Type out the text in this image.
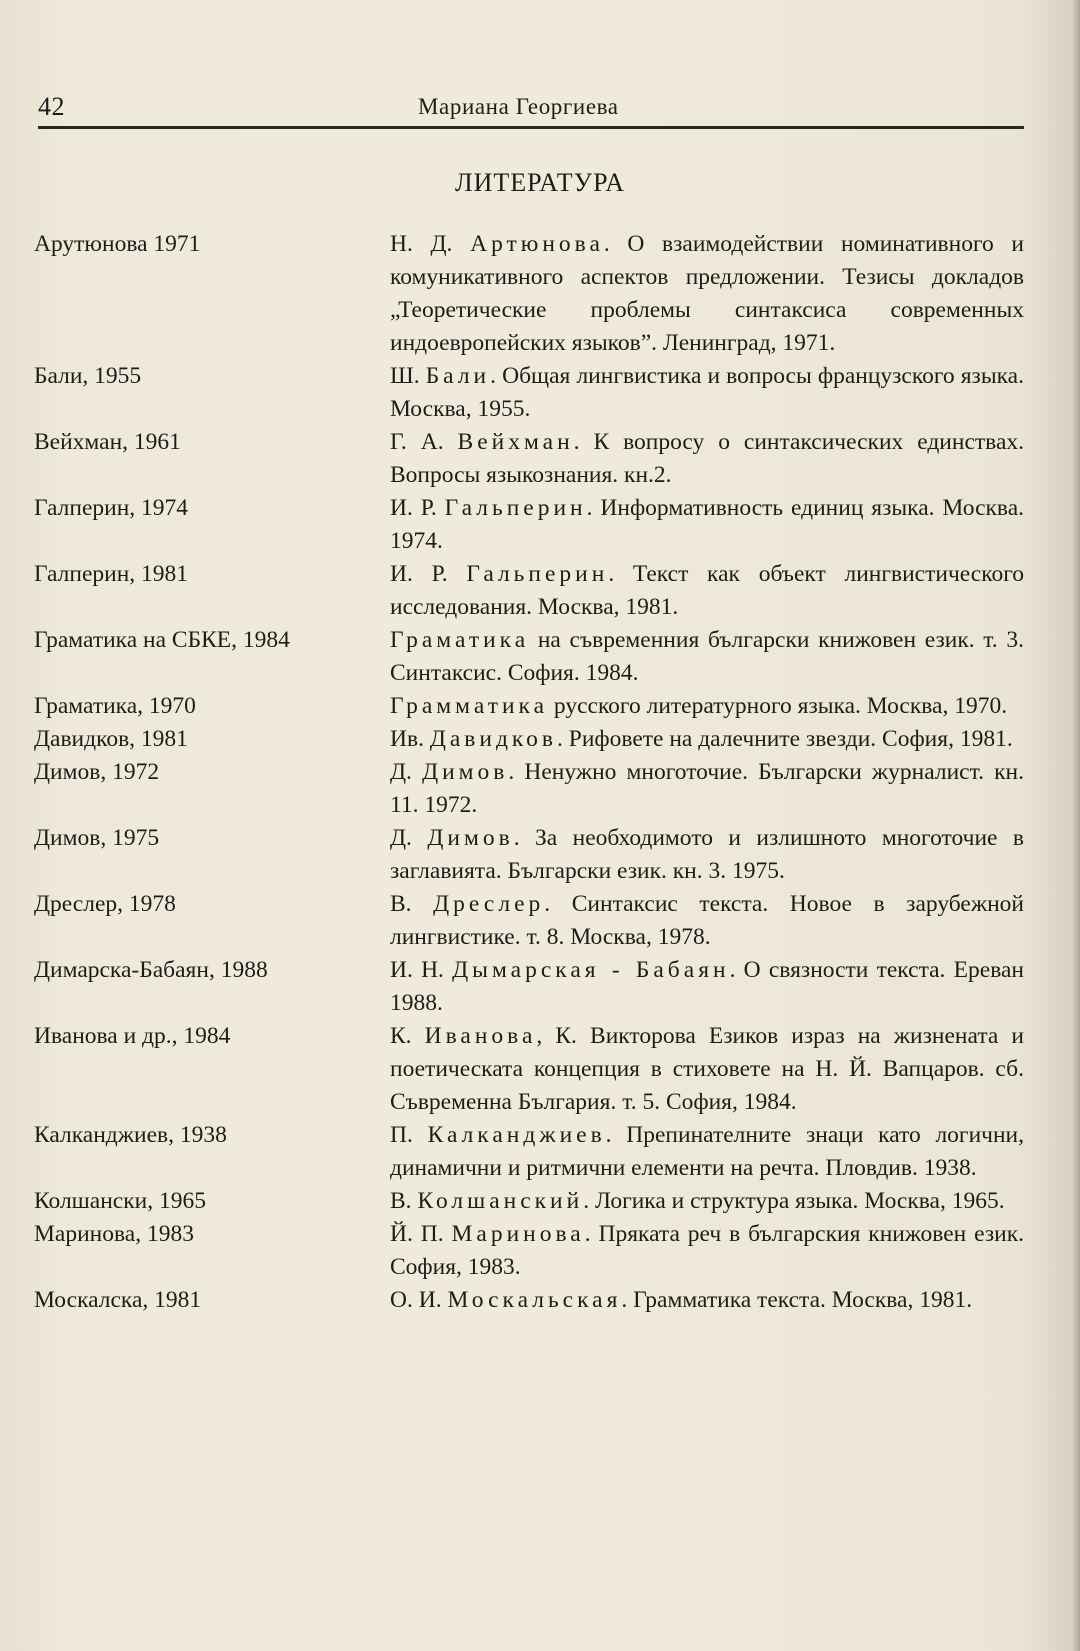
42	Мариана Георгиева
ЛИТЕРАТУРА
Арутюнова 1971	Н. Д. Артюнова. О взаимодействии номинативного и комуникативного аспектов предложении. Тезисы докладов „Теоретические проблемы синтаксиса современных индоевропейских языков”. Ленинград, 1971.
Бали, 1955	Ш. Бали. Общая лингвистика и вопросы французского языка. Москва, 1955.
Вейхман, 1961	Г. А. Вейхман. К вопросу о синтаксических единствах. Вопросы языкознания. кн.2.
Галперин, 1974	И. Р. Гальперин. Информативность единиц языка. Москва. 1974.
Галперин, 1981	И. Р. Гальперин. Текст как объект лингвистического исследования. Москва, 1981.
Граматика на СБКЕ, 1984	Граматика на съвременния български книжовен език. т. 3. Синтаксис. София. 1984.
Граматика, 1970	Грамматика русского литературного языка. Москва, 1970.
Давидков, 1981	Ив. Давидков. Рифовете на далечните звезди. София, 1981.
Димов, 1972	Д. Димов. Ненужно многоточие. Български журналист. кн. 11. 1972.
Димов, 1975	Д. Димов. За необходимото и излишното многоточие в заглавията. Български език. кн. 3. 1975.
Дреслер, 1978	В. Дреслер. Синтаксис текста. Новое в зарубежной лингвистике. т. 8. Москва, 1978.
Димарска-Бабаян, 1988	И. Н. Дымарская - Бабаян. О связности текста. Ереван 1988.
Иванова и др., 1984	К. Иванова, К. Викторова Езиков израз на жизнената и поетическата концепция в стиховете на Н. Й. Вапцаров. сб. Съвременна България. т. 5. София, 1984.
Калканджиев, 1938	П. Калканджиев. Препинателните знаци като логични, динамични и ритмични елементи на речта. Пловдив. 1938.
Колшански, 1965	В. Колшанский. Логика и структура языка. Москва, 1965.
Маринова, 1983	Й. П. Маринова. Пряката реч в българския книжовен език. София, 1983.
Москалска, 1981	О. И. Москальская. Грамматика текста. Москва, 1981.
